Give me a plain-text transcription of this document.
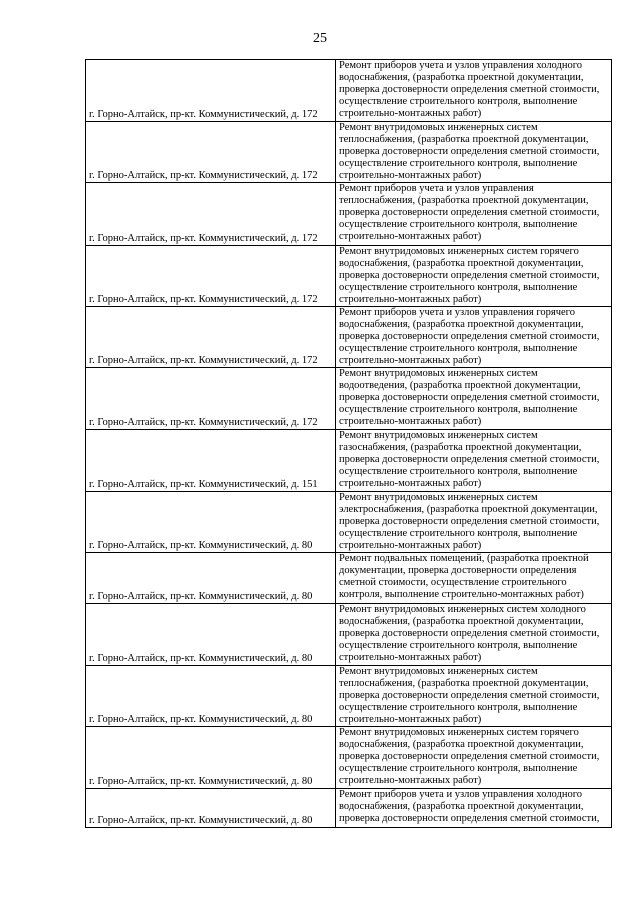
25
г. Горно-Алтайск, пр-кт. Коммунистический, д. 172	Ремонт приборов учета и узлов управления холодного
водоснабжения, (разработка проектной документации,
проверка достоверности определения сметной стоимости,
осуществление строительного контроля, выполнение
строительно-монтажных работ)

г. Горно-Алтайск, пр-кт. Коммунистический, д. 172	Ремонт внутридомовых инженерных систем
теплоснабжения, (разработка проектной документации,
проверка достоверности определения сметной стоимости,
осуществление строительного контроля, выполнение
строительно-монтажных работ)

г. Горно-Алтайск, пр-кт. Коммунистический, д. 172	Ремонт приборов учета и узлов управления
теплоснабжения, (разработка проектной документации,
проверка достоверности определения сметной стоимости,
осуществление строительного контроля, выполнение
строительно-монтажных работ)

г. Горно-Алтайск, пр-кт. Коммунистический, д. 172	Ремонт внутридомовых инженерных систем горячего
водоснабжения, (разработка проектной документации,
проверка достоверности определения сметной стоимости,
осуществление строительного контроля, выполнение
строительно-монтажных работ)

г. Горно-Алтайск, пр-кт. Коммунистический, д. 172	Ремонт приборов учета и узлов управления горячего
водоснабжения, (разработка проектной документации,
проверка достоверности определения сметной стоимости,
осуществление строительного контроля, выполнение
строительно-монтажных работ)

г. Горно-Алтайск, пр-кт. Коммунистический, д. 172	Ремонт внутридомовых инженерных систем
водоотведения, (разработка проектной документации,
проверка достоверности определения сметной стоимости,
осуществление строительного контроля, выполнение
строительно-монтажных работ)

г. Горно-Алтайск, пр-кт. Коммунистический, д. 151	Ремонт внутридомовых инженерных систем
газоснабжения, (разработка проектной документации,
проверка достоверности определения сметной стоимости,
осуществление строительного контроля, выполнение
строительно-монтажных работ)

г. Горно-Алтайск, пр-кт. Коммунистический, д. 80	Ремонт внутридомовых инженерных систем
электроснабжения, (разработка проектной документации,
проверка достоверности определения сметной стоимости,
осуществление строительного контроля, выполнение
строительно-монтажных работ)

г. Горно-Алтайск, пр-кт. Коммунистический, д. 80	Ремонт подвальных помещений, (разработка проектной
документации, проверка достоверности определения
сметной стоимости, осуществление строительного
контроля, выполнение строительно-монтажных работ)

г. Горно-Алтайск, пр-кт. Коммунистический, д. 80	Ремонт внутридомовых инженерных систем холодного
водоснабжения, (разработка проектной документации,
проверка достоверности определения сметной стоимости,
осуществление строительного контроля, выполнение
строительно-монтажных работ)

г. Горно-Алтайск, пр-кт. Коммунистический, д. 80	Ремонт внутридомовых инженерных систем
теплоснабжения, (разработка проектной документации,
проверка достоверности определения сметной стоимости,
осуществление строительного контроля, выполнение
строительно-монтажных работ)

г. Горно-Алтайск, пр-кт. Коммунистический, д. 80	Ремонт внутридомовых инженерных систем горячего
водоснабжения, (разработка проектной документации,
проверка достоверности определения сметной стоимости,
осуществление строительного контроля, выполнение
строительно-монтажных работ)

г. Горно-Алтайск, пр-кт. Коммунистический, д. 80	Ремонт приборов учета и узлов управления холодного
водоснабжения, (разработка проектной документации,
проверка достоверности определения сметной стоимости,
